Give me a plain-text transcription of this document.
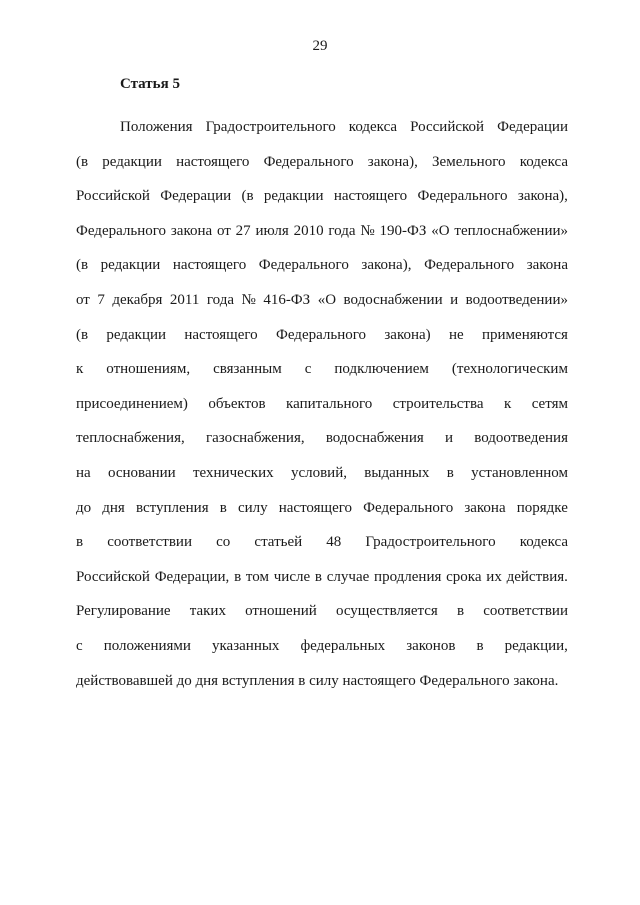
29
Статья 5
Положения Градостроительного кодекса Российской Федерации
(в редакции настоящего Федерального закона), Земельного кодекса
Российской Федерации (в редакции настоящего Федерального закона),
Федерального закона от 27 июля 2010 года № 190-ФЗ «О теплоснабжении»
(в редакции настоящего Федерального закона), Федерального закона
от 7 декабря 2011 года № 416-ФЗ «О водоснабжении и водоотведении»
(в редакции настоящего Федерального закона) не применяются
к отношениям, связанным с подключением (технологическим
присоединением) объектов капитального строительства к сетям
теплоснабжения, газоснабжения, водоснабжения и водоотведения
на основании технических условий, выданных в установленном
до дня вступления в силу настоящего Федерального закона порядке
в соответствии со статьей 48 Градостроительного кодекса
Российской Федерации, в том числе в случае продления срока их действия.
Регулирование таких отношений осуществляется в соответствии
с положениями указанных федеральных законов в редакции,
действовавшей до дня вступления в силу настоящего Федерального закона.
